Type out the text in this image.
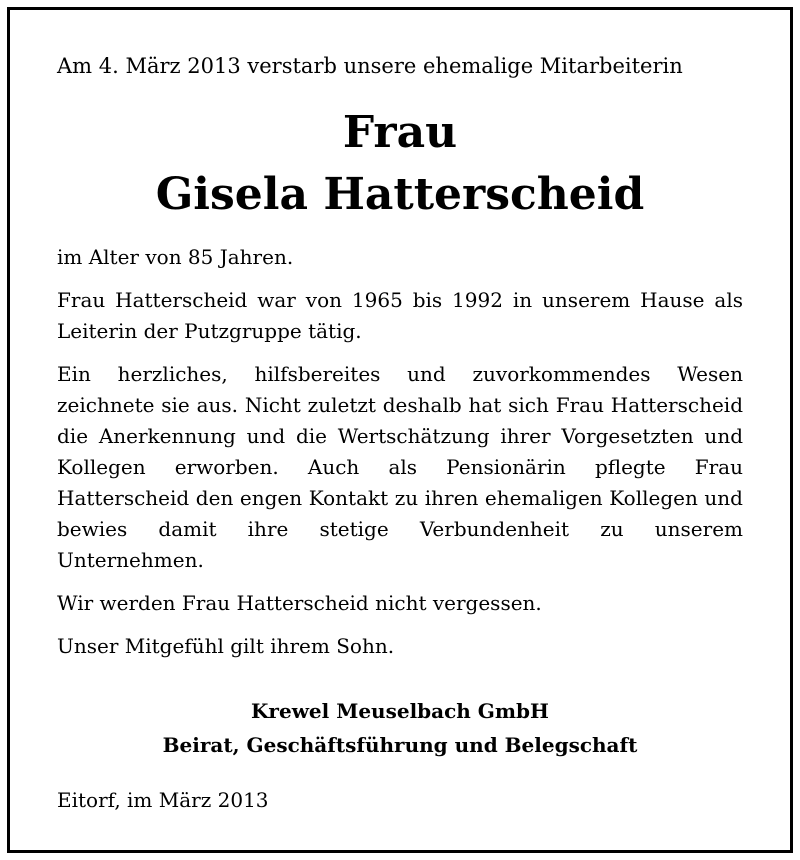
Am 4. März 2013 verstarb unsere ehemalige Mitarbeiterin
Frau
Gisela Hatterscheid

im Alter von 85 Jahren.

Frau Hatterscheid war von 1965 bis 1992 in unserem Hause als Leiterin der Putzgruppe tätig.

Ein herzliches, hilfsbereites und zuvorkommendes Wesen zeichnete sie aus. Nicht zuletzt deshalb hat sich Frau Hatterscheid die Anerkennung und die Wertschätzung ihrer Vorgesetzten und Kollegen erworben. Auch als Pensionärin pflegte Frau Hatterscheid den engen Kontakt zu ihren ehemaligen Kollegen und bewies damit ihre stetige Verbundenheit zu unserem Unternehmen.

Wir werden Frau Hatterscheid nicht vergessen.

Unser Mitgefühl gilt ihrem Sohn.

Krewel Meuselbach GmbH
Beirat, Geschäftsführung und Belegschaft
Eitorf, im März 2013
